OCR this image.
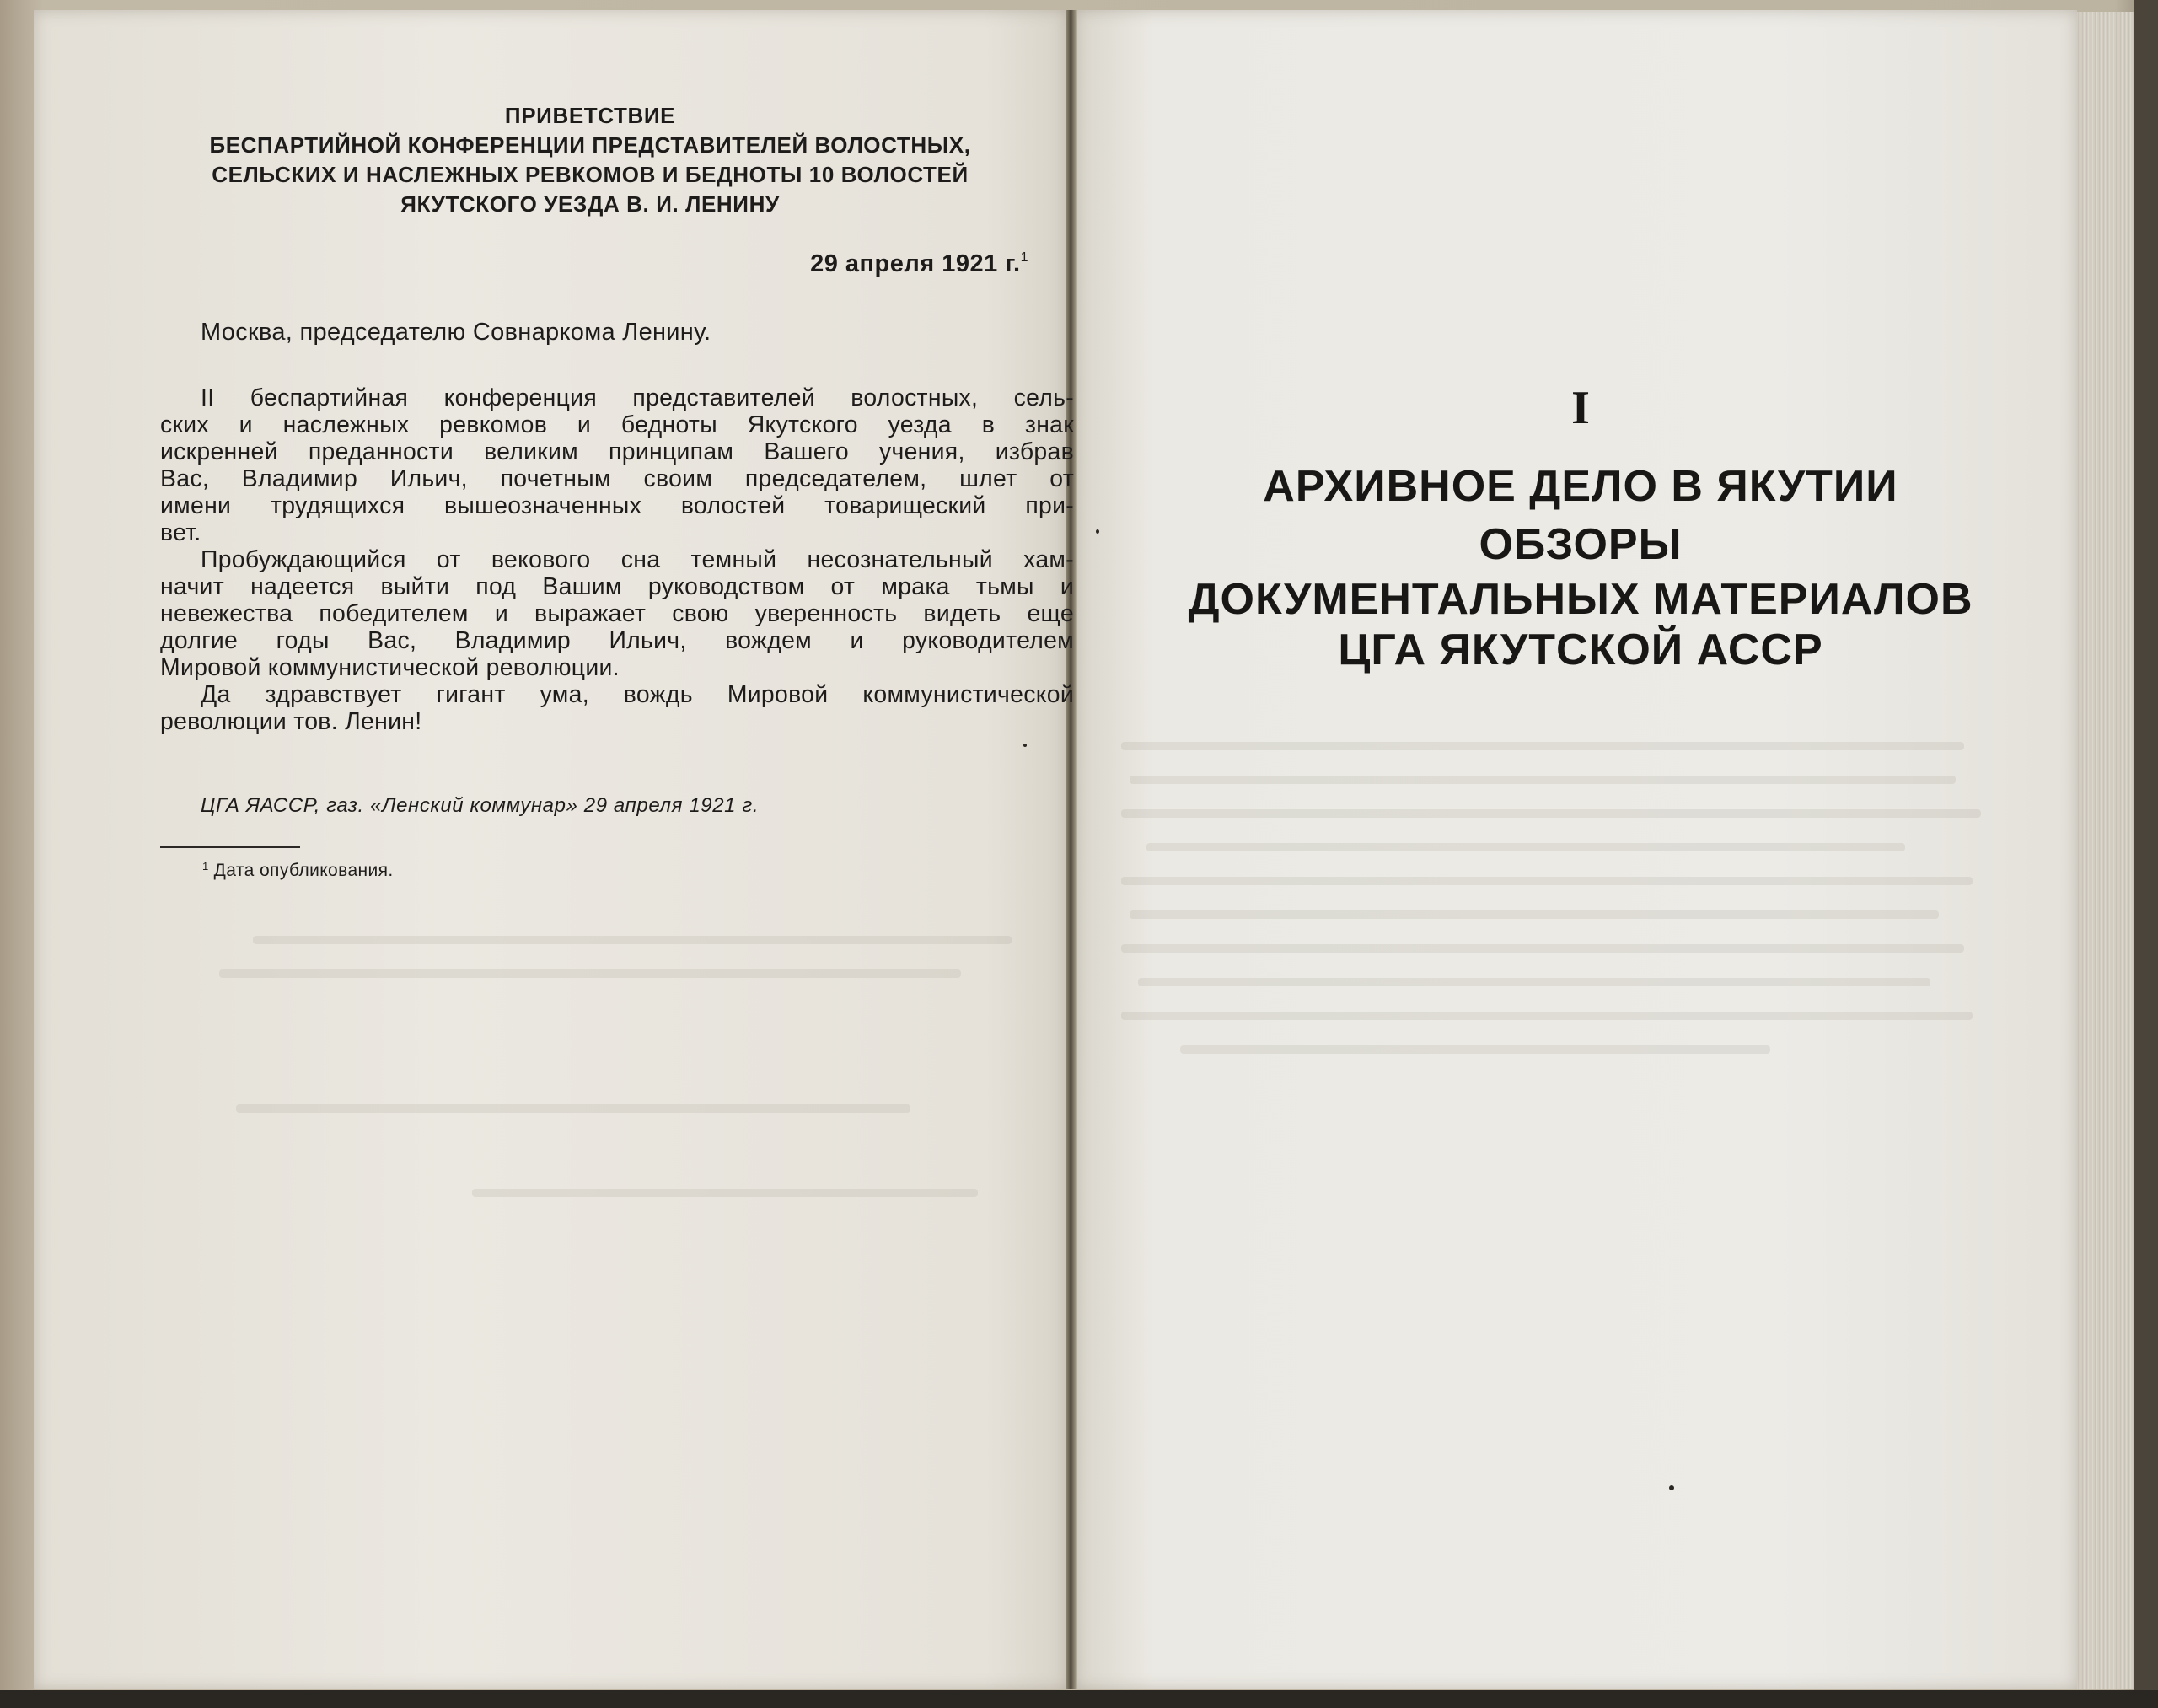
ПРИВЕТСТВИЕ
БЕСПАРТИЙНОЙ КОНФЕРЕНЦИИ ПРЕДСТАВИТЕЛЕЙ ВОЛОСТНЫХ,
СЕЛЬСКИХ И НАСЛЕЖНЫХ РЕВКОМОВ И БЕДНОТЫ 10 ВОЛОСТЕЙ
ЯКУТСКОГО УЕЗДА В. И. ЛЕНИНУ
29 апреля 1921 г.$^1$
Москва, председателю Совнаркома Ленину.
II беспартийная конференция представителей волостных, сель-
ских и наслежных ревкомов и бедноты Якутского уезда в знак
искренней преданности великим принципам Вашего учения, избрав
Вас, Владимир Ильич, почетным своим председателем, шлет от
имени трудящихся вышеозначенных волостей товарищеский при-
вет.
Пробуждающийся от векового сна темный несознательный хам-
начит надеется выйти под Вашим руководством от мрака тьмы и
невежества победителем и выражает свою уверенность видеть еще
долгие годы Вас, Владимир Ильич, вождем и руководителем
Мировой коммунистической революции.
Да здравствует гигант ума, вождь Мировой коммунистической
революции тов. Ленин!
ЦГА ЯАССР, газ. «Ленский коммунар» 29 апреля 1921 г.
$^1$ Дата опубликования.
I
АРХИВНОЕ ДЕЛО В ЯКУТИИ
ОБЗОРЫ
ДОКУМЕНТАЛЬНЫХ МАТЕРИАЛОВ
ЦГА ЯКУТСКОЙ АССР
